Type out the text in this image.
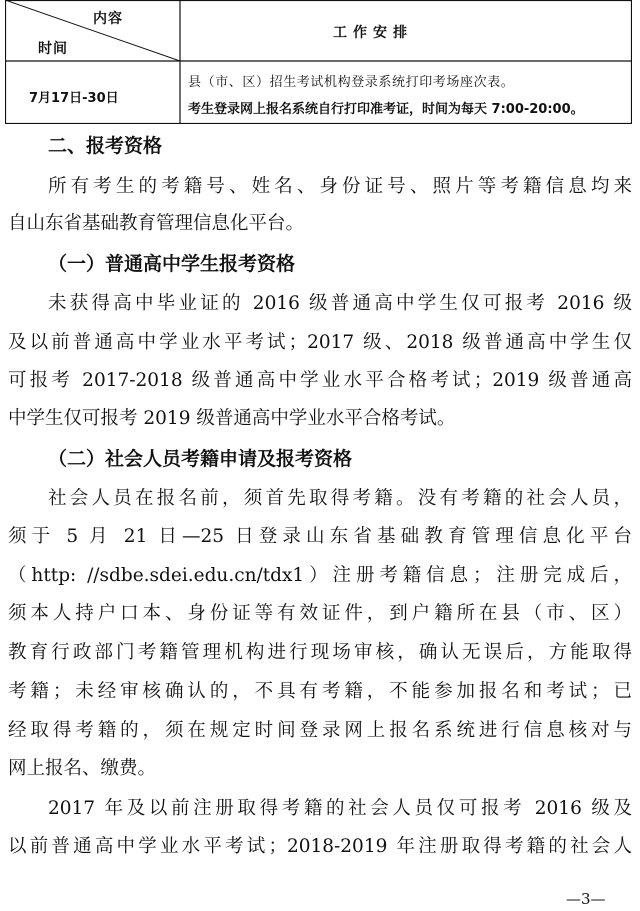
内容
时间
工作安排
7月17日-30日
县（市、区）招生考试机构登录系统打印考场座次表。
考生登录网上报名系统自行打印准考证，时间为每天 7:00-20:00。
二、报考资格
所有考生的考籍号、姓名、身份证号、照片等考籍信息均来
自山东省基础教育管理信息化平台。
（一）普通高中学生报考资格
未获得高中毕业证的 2016 级普通高中学生仅可报考 2016 级
及以前普通高中学业水平考试；2017 级、2018 级普通高中学生仅
可报考 2017-2018 级普通高中学业水平合格考试；2019 级普通高
中学生仅可报考 2019 级普通高中学业水平合格考试。
（二）社会人员考籍申请及报考资格
社会人员在报名前，须首先取得考籍。没有考籍的社会人员，
须于 5 月 21 日—25 日登录山东省基础教育管理信息化平台
（http: //sdbe.sdei.edu.cn/tdx1）注册考籍信息；注册完成后，
须本人持户口本、身份证等有效证件，到户籍所在县（市、区）
教育行政部门考籍管理机构进行现场审核，确认无误后，方能取得
考籍；未经审核确认的，不具有考籍，不能参加报名和考试；已
经取得考籍的，须在规定时间登录网上报名系统进行信息核对与
网上报名、缴费。
2017 年及以前注册取得考籍的社会人员仅可报考 2016 级及
以前普通高中学业水平考试；2018-2019 年注册取得考籍的社会人
—3—
